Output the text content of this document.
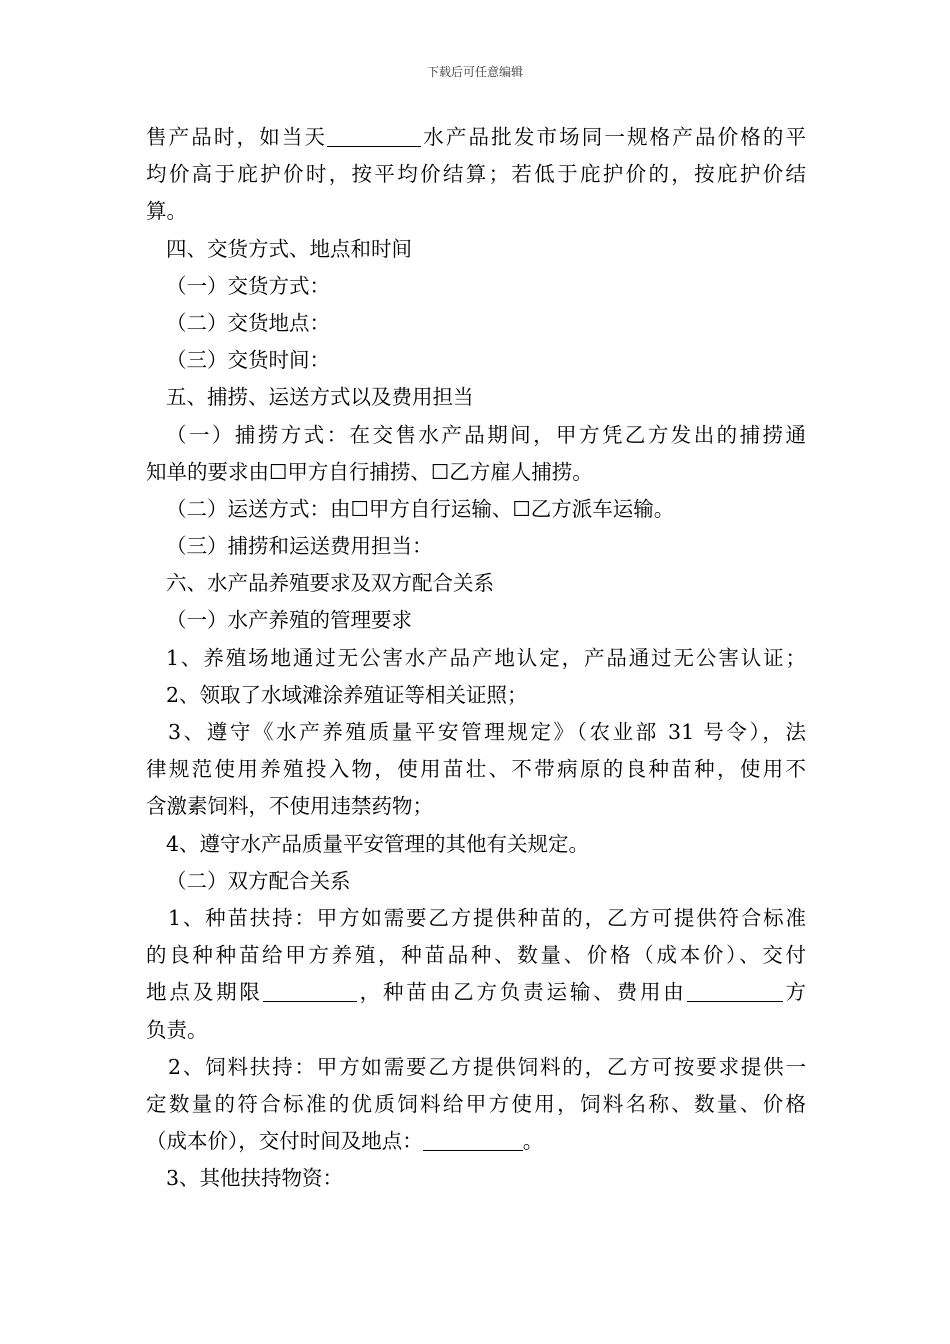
下载后可任意编辑
售产品时，如当天	水产品批发市场同一规格产品价格的平
均价高于庇护价时，按平均价结算；若低于庇护价的，按庇护价结
算。
四、交货方式、地点和时间
（一）交货方式：
（二）交货地点：
（三）交货时间：
五、捕捞、运送方式以及费用担当
（一）捕捞方式：在交售水产品期间，甲方凭乙方发出的捕捞通
知单的要求由☐甲方自行捕捞、☐乙方雇人捕捞。
（二）运送方式：由☐甲方自行运输、☐乙方派车运输。
（三）捕捞和运送费用担当：
六、水产品养殖要求及双方配合关系
（一）水产养殖的管理要求
1、养殖场地通过无公害水产品产地认定，产品通过无公害认证；
2、领取了水域滩涂养殖证等相关证照；
3、遵守《水产养殖质量平安管理规定》（农业部 31 号令），法
律规范使用养殖投入物，使用苗壮、不带病原的良种苗种，使用不
含激素饲料，不使用违禁药物；
4、遵守水产品质量平安管理的其他有关规定。
（二）双方配合关系
1、种苗扶持：甲方如需要乙方提供种苗的，乙方可提供符合标准
的良种种苗给甲方养殖，种苗品种、数量、价格（成本价）、交付
地点及期限	，种苗由乙方负责运输、费用由	方
负责。
2、饲料扶持：甲方如需要乙方提供饲料的，乙方可按要求提供一
定数量的符合标准的优质饲料给甲方使用，饲料名称、数量、价格
（成本价），交付时间及地点：	。
3、其他扶持物资：
